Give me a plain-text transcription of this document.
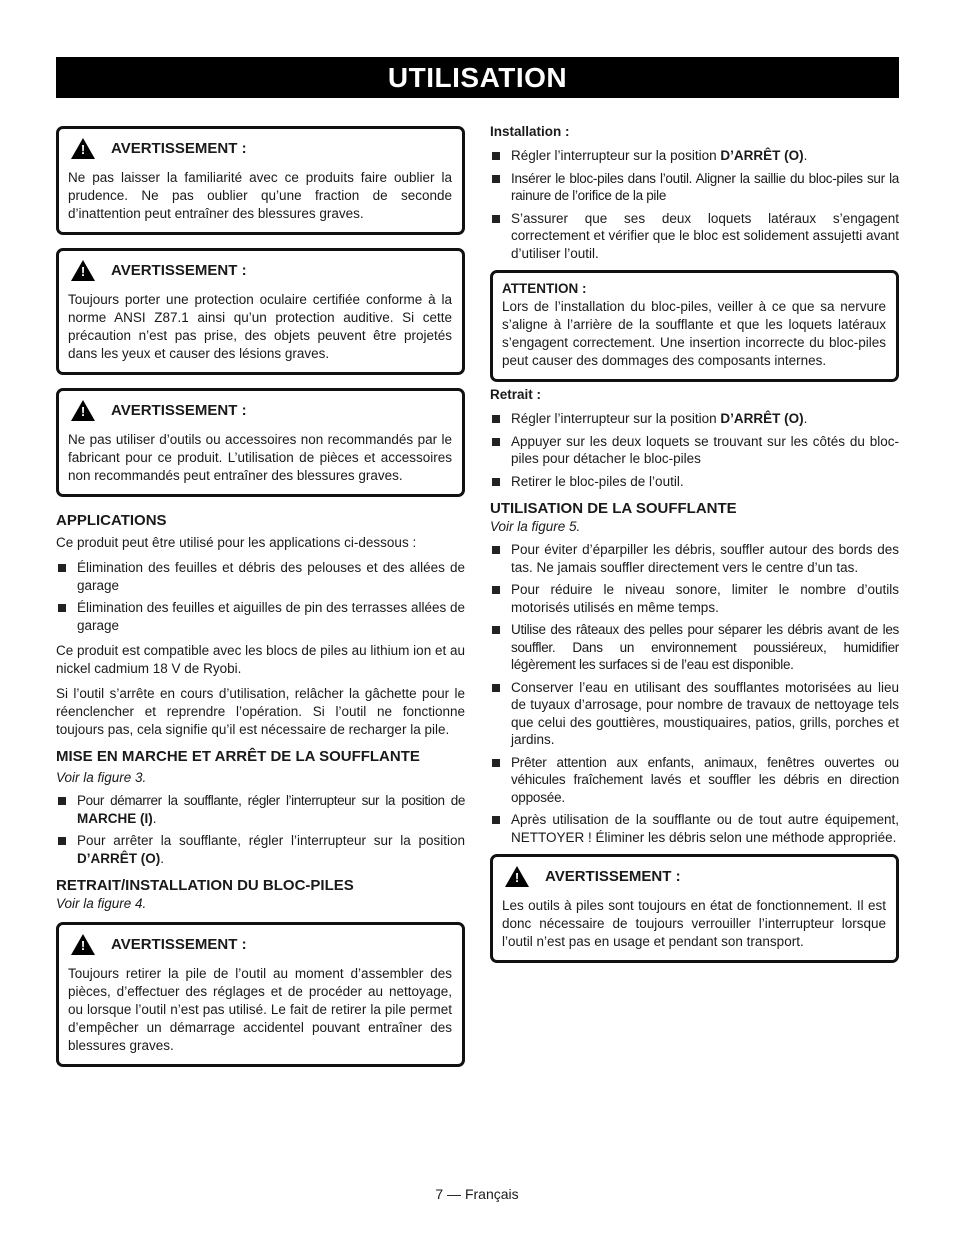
UTILISATION
! AVERTISSEMENT :

Ne pas laisser la familiarité avec ce produits faire oublier la prudence. Ne pas oublier qu’une fraction de seconde d’inattention peut entraîner des blessures graves.

! AVERTISSEMENT :

Toujours porter une protection oculaire certifiée conforme à la norme ANSI Z87.1 ainsi qu’un protection auditive. Si cette précaution n’est pas prise, des objets peuvent être projetés dans les yeux et causer des lésions graves.

! AVERTISSEMENT :

Ne pas utiliser d’outils ou accessoires non recommandés par le fabricant pour ce produit. L’utilisation de pièces et accessoires non recommandés peut entraîner des blessures graves.

APPLICATIONS

Ce produit peut être utilisé pour les applications ci-dessous :

Élimination des feuilles et débris des pelouses et des allées de garage
Élimination des feuilles et aiguilles de pin des terrasses allées de garage

Ce produit est compatible avec les blocs de piles au lithium ion et au nickel cadmium 18 V de Ryobi.

Si l’outil s’arrête en cours d’utilisation, relâcher la gâchette pour le réenclencher et reprendre l’opération. Si l’outil ne fonctionne toujours pas, cela signifie qu’il est nécessaire de recharger la pile.

MISE EN MARCHE ET ARRÊT DE LA SOUFFLANTE

Voir la figure 3.

Pour démarrer la soufflante, régler l’interrupteur sur la position de MARCHE (I).
Pour arrêter la soufflante, régler l’interrupteur sur la position D’ARRÊT (O).
RETRAIT/INSTALLATION DU BLOC-PILES

Voir la figure 4.

! AVERTISSEMENT :

Toujours retirer la pile de l’outil au moment d’assembler des pièces, d’effectuer des réglages et de procéder au nettoyage, ou lorsque l’outil n’est pas utilisé. Le fait de retirer la pile permet d’empêcher un démarrage accidentel pouvant entraîner des blessures graves.

Installation :

Régler l’interrupteur sur la position D’ARRÊT (O).
Insérer le bloc-piles dans l’outil. Aligner la saillie du bloc-piles sur la rainure de l’orifice de la pile
S’assurer que ses deux loquets latéraux s’engagent correctement et vérifier que le bloc est solidement assujetti avant d’utiliser l’outil.

ATTENTION :

Lors de l’installation du bloc-piles, veiller à ce que sa nervure s’aligne à l’arrière de la soufflante et que les loquets latéraux s’engagent correctement. Une insertion incorrecte du bloc-piles peut causer des dommages des composants internes.

Retrait :

Régler l’interrupteur sur la position D’ARRÊT (O).
Appuyer sur les deux loquets se trouvant sur les côtés du bloc-piles pour détacher le bloc-piles
Retirer le bloc-piles de l’outil.
UTILISATION DE LA SOUFFLANTE

Voir la figure 5.

Pour éviter d’éparpiller les débris, souffler autour des bords des tas. Ne jamais souffler directement vers le centre d’un tas.
Pour réduire le niveau sonore, limiter le nombre d’outils motorisés utilisés en même temps.
Utilise des râteaux des pelles pour séparer les débris avant de les souffler. Dans un environnement poussiéreux, humidifier légèrement les surfaces si de l’eau est disponible.
Conserver l’eau en utilisant des soufflantes motorisées au lieu de tuyaux d’arrosage, pour nombre de travaux de nettoyage tels que celui des gouttières, moustiquaires, patios, grills, porches et jardins.
Prêter attention aux enfants, animaux, fenêtres ouvertes ou véhicules fraîchement lavés et souffler les débris en direction opposée.
Après utilisation de la soufflante ou de tout autre équipement, NETTOYER ! Éliminer les débris selon une méthode appropriée.
! AVERTISSEMENT :

Les outils à piles sont toujours en état de fonctionnement. Il est donc nécessaire de toujours verrouiller l’interrupteur lorsque l’outil n’est pas en usage et pendant son transport.

7 — Français
